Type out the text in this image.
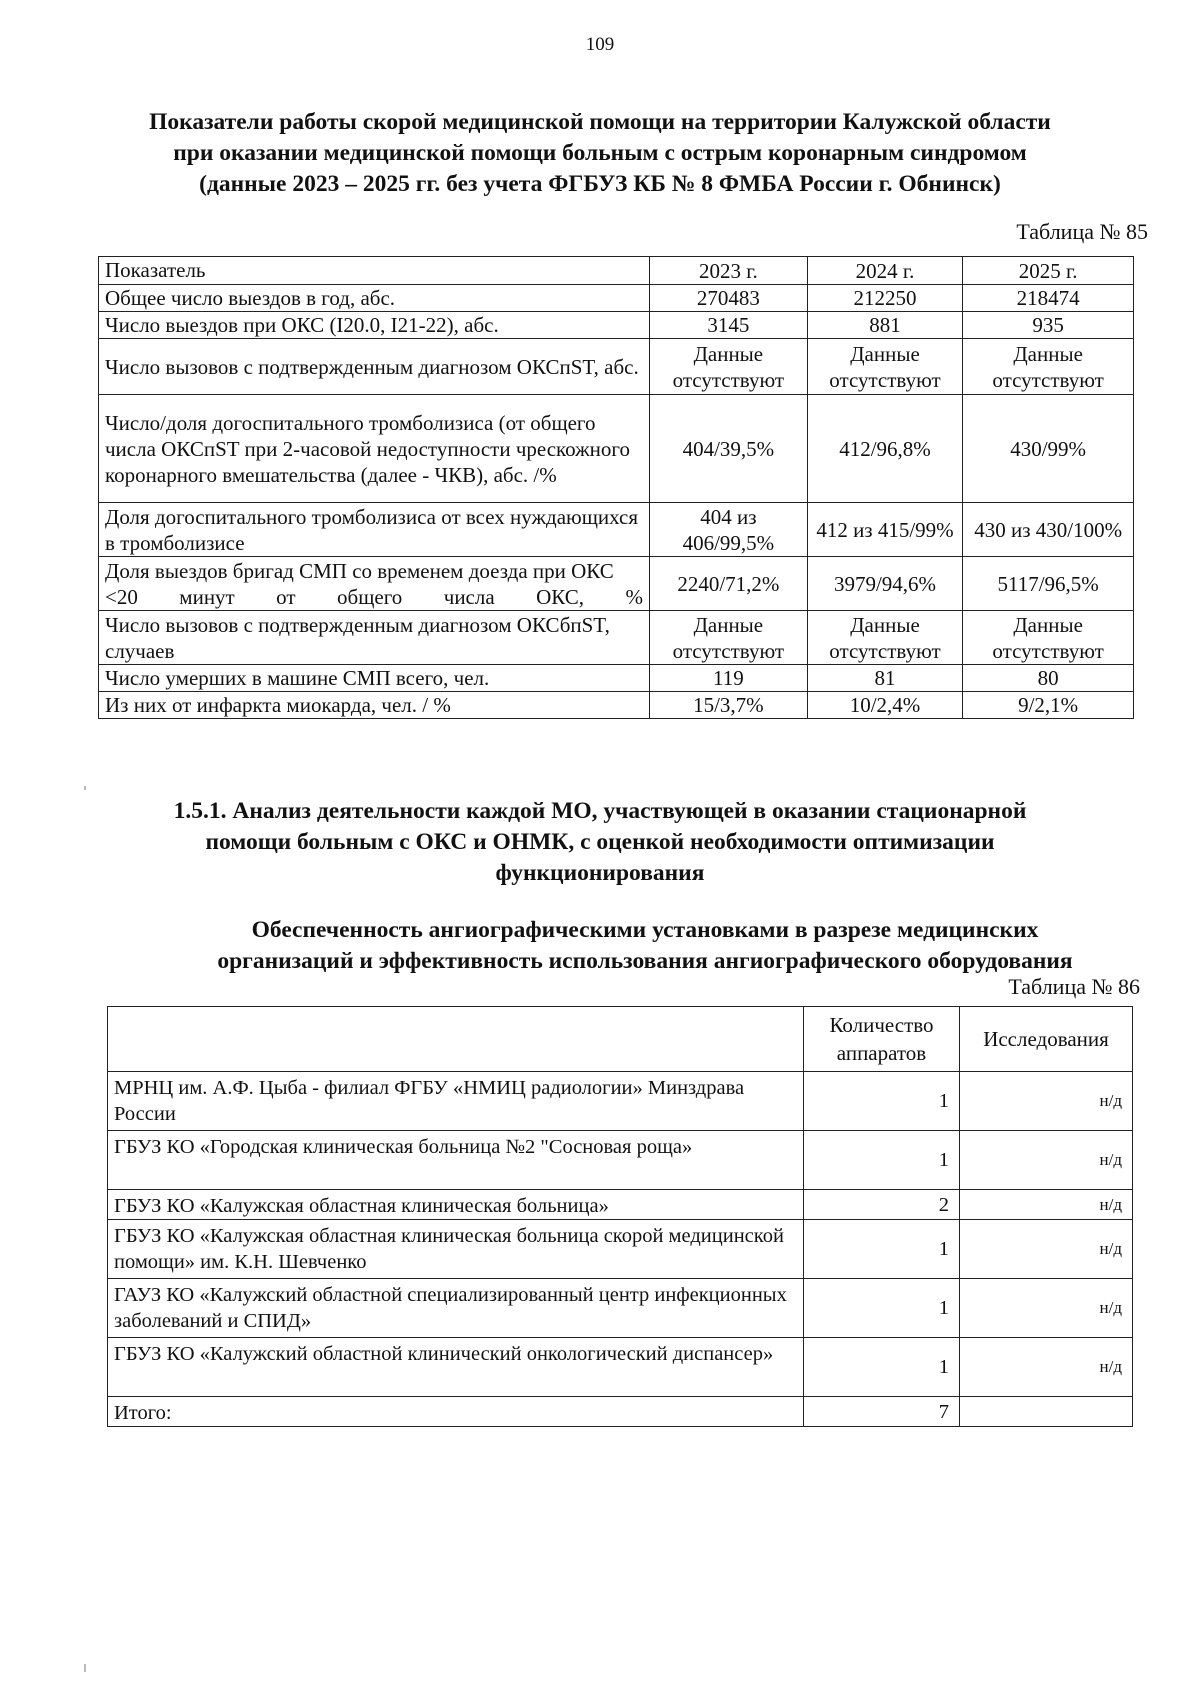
109
Показатели работы скорой медицинской помощи на территории Калужской области
при оказании медицинской помощи больным с острым коронарным синдромом
(данные 2023 – 2025 гг. без учета ФГБУЗ КБ № 8 ФМБА России г. Обнинск)
Таблица № 85
Показатель	2023 г.	2024 г.	2025 г.
Общее число выездов в год, абс.	270483	212250	218474
Число выездов при ОКС (I20.0, I21-22), абс.	3145	881	935
Число вызовов с подтвержденным диагнозом ОКСпST, абс.	Данные отсутствуют	Данные отсутствуют	Данные отсутствуют
Число/доля догоспитального тромболизиса (от общего числа ОКСпST при 2-часовой недоступности чрескожного коронарного вмешательства (далее - ЧКВ), абс. /%	404/39,5%	412/96,8%	430/99%
Доля догоспитального тромболизиса от всех нуждающихся в тромболизисе	404 из 406/99,5%	412 из 415/99%	430 из 430/100%
Доля выездов бригад СМП со временем доезда при ОКС <20 минут от общего числа ОКС, %	2240/71,2%	3979/94,6%	5117/96,5%
Число вызовов с подтвержденным диагнозом ОКСбпST, случаев	Данные отсутствуют	Данные отсутствуют	Данные отсутствуют
Число умерших в машине СМП всего, чел.	119	81	80
Из них от инфаркта миокарда, чел. / %	15/3,7%	10/2,4%	9/2,1%
1.5.1. Анализ деятельности каждой МО, участвующей в оказании стационарной
помощи больным с ОКС и ОНМК, с оценкой необходимости оптимизации
функционирования
Обеспеченность ангиографическими установками в разрезе медицинских
организаций и эффективность использования ангиографического оборудования
Таблица № 86
	Количество аппаратов	Исследования
МРНЦ им. А.Ф. Цыба - филиал ФГБУ «НМИЦ радиологии» Минздрава России	1	н/д
ГБУЗ КО «Городская клиническая больница №2 "Сосновая роща»	1	н/д
ГБУЗ КО «Калужская областная клиническая больница»	2	н/д
ГБУЗ КО «Калужская областная клиническая больница скорой медицинской помощи» им. К.Н. Шевченко	1	н/д
ГАУЗ КО «Калужский областной специализированный центр инфекционных заболеваний и СПИД»	1	н/д
ГБУЗ КО «Калужский областной клинический онкологический диспансер»	1	н/д
Итого:	7	
